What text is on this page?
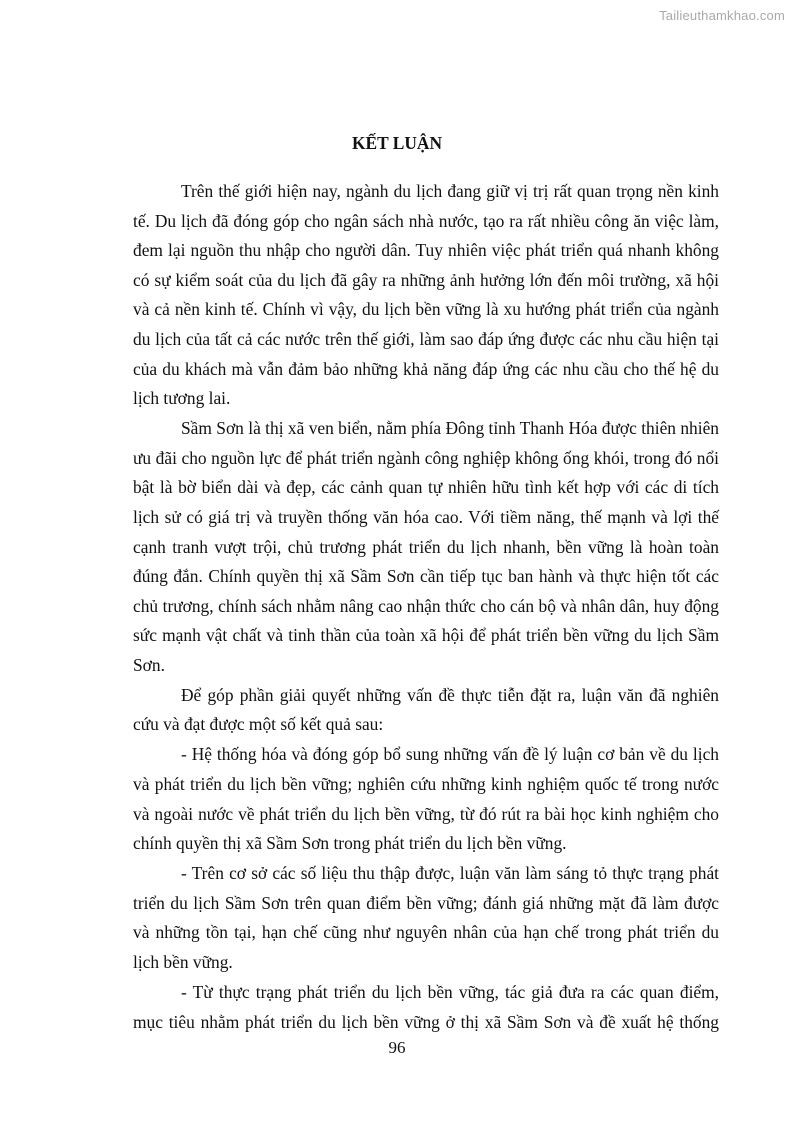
Tailieuthamkhao.com
KẾT LUẬN

Trên thế giới hiện nay, ngành du lịch đang giữ vị trị rất quan trọng nền kinh tế. Du lịch đã đóng góp cho ngân sách nhà nước, tạo ra rất nhiều công ăn việc làm, đem lại nguồn thu nhập cho người dân. Tuy nhiên việc phát triển quá nhanh không có sự kiểm soát của du lịch đã gây ra những ảnh hưởng lớn đến môi trường, xã hội và cả nền kinh tế. Chính vì vậy, du lịch bền vững là xu hướng phát triển của ngành du lịch của tất cả các nước trên thế giới, làm sao đáp ứng được các nhu cầu hiện tại của du khách mà vẫn đảm bảo những khả năng đáp ứng các nhu cầu cho thế hệ du lịch tương lai.

Sầm Sơn là thị xã ven biển, nằm phía Đông tỉnh Thanh Hóa được thiên nhiên ưu đãi cho nguồn lực để phát triển ngành công nghiệp không ống khói, trong đó nổi bật là bờ biển dài và đẹp, các cảnh quan tự nhiên hữu tình kết hợp với các di tích lịch sử có giá trị và truyền thống văn hóa cao. Với tiềm năng, thế mạnh và lợi thế cạnh tranh vượt trội, chủ trương phát triển du lịch nhanh, bền vững là hoàn toàn đúng đắn. Chính quyền thị xã Sầm Sơn cần tiếp tục ban hành và thực hiện tốt các chủ trương, chính sách nhằm nâng cao nhận thức cho cán bộ và nhân dân, huy động sức mạnh vật chất và tinh thần của toàn xã hội để phát triển bền vững du lịch Sầm Sơn.

Để góp phần giải quyết những vấn đề thực tiễn đặt ra, luận văn đã nghiên cứu và đạt được một số kết quả sau:

- Hệ thống hóa và đóng góp bổ sung những vấn đề lý luận cơ bản về du lịch và phát triển du lịch bền vững; nghiên cứu những kinh nghiệm quốc tế trong nước và ngoài nước về phát triển du lịch bền vững, từ đó rút ra bài học kinh nghiệm cho chính quyền thị xã Sầm Sơn trong phát triển du lịch bền vững.

- Trên cơ sở các số liệu thu thập được, luận văn làm sáng tỏ thực trạng phát triển du lịch Sầm Sơn trên quan điểm bền vững; đánh giá những mặt đã làm được và những tồn tại, hạn chế cũng như nguyên nhân của hạn chế trong phát triển du lịch bền vững.

- Từ thực trạng phát triển du lịch bền vững, tác giả đưa ra các quan điểm, mục tiêu nhằm phát triển du lịch bền vững ở thị xã Sầm Sơn và đề xuất hệ thống

96
